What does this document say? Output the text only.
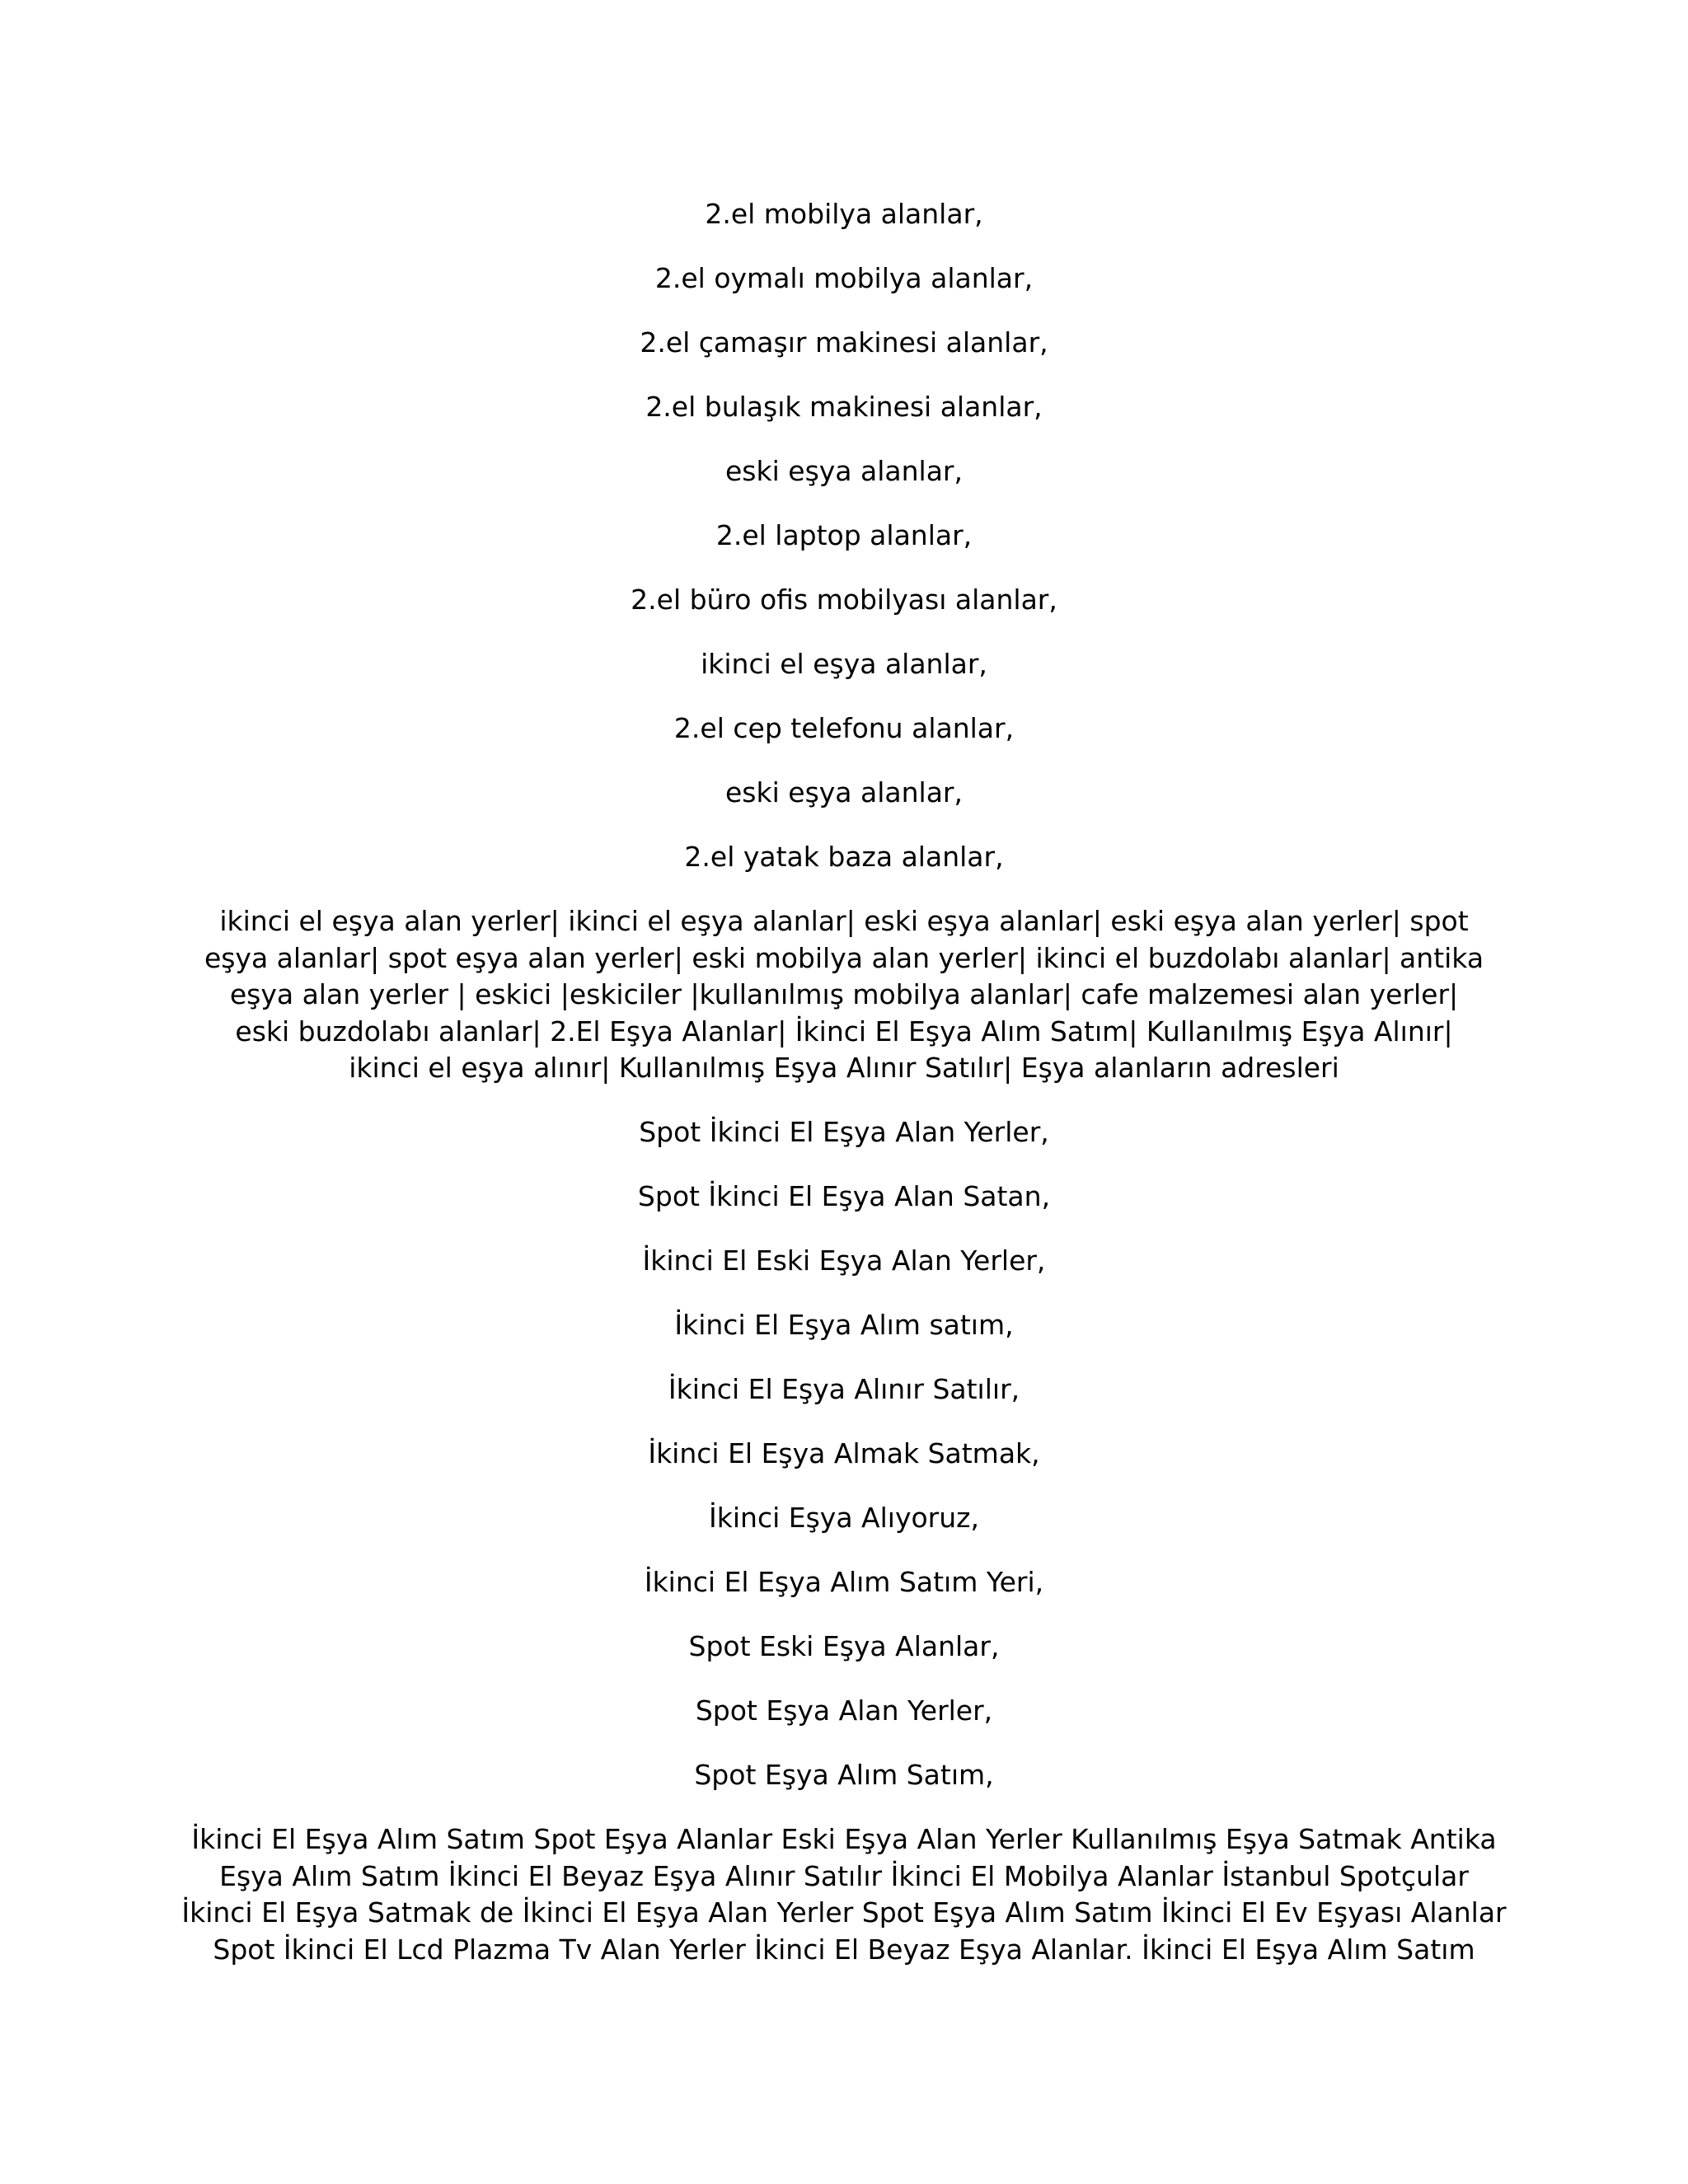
2.el mobilya alanlar,
2.el oymalı mobilya alanlar,
2.el çamaşır makinesi alanlar,
2.el bulaşık makinesi alanlar,
eski eşya alanlar,
2.el laptop alanlar,
2.el büro ofis mobilyası alanlar,
ikinci el eşya alanlar,
2.el cep telefonu alanlar,
eski eşya alanlar,
2.el yatak baza alanlar,
ikinci el eşya alan yerler| ikinci el eşya alanlar| eski eşya alanlar| eski eşya alan yerler| spot
eşya alanlar| spot eşya alan yerler| eski mobilya alan yerler| ikinci el buzdolabı alanlar| antika
eşya alan yerler | eskici |eskiciler |kullanılmış mobilya alanlar| cafe malzemesi alan yerler|
eski buzdolabı alanlar| 2.El Eşya Alanlar| İkinci El Eşya Alım Satım| Kullanılmış Eşya Alınır|
ikinci el eşya alınır| Kullanılmış Eşya Alınır Satılır| Eşya alanların adresleri
Spot İkinci El Eşya Alan Yerler,
Spot İkinci El Eşya Alan Satan,
İkinci El Eski Eşya Alan Yerler,
İkinci El Eşya Alım satım,
İkinci El Eşya Alınır Satılır,
İkinci El Eşya Almak Satmak,
İkinci Eşya Alıyoruz,
İkinci El Eşya Alım Satım Yeri,
Spot Eski Eşya Alanlar,
Spot Eşya Alan Yerler,
Spot Eşya Alım Satım,
İkinci El Eşya Alım Satım Spot Eşya Alanlar Eski Eşya Alan Yerler Kullanılmış Eşya Satmak Antika
Eşya Alım Satım İkinci El Beyaz Eşya Alınır Satılır İkinci El Mobilya Alanlar İstanbul Spotçular
İkinci El Eşya Satmak de İkinci El Eşya Alan Yerler Spot Eşya Alım Satım İkinci El Ev Eşyası Alanlar
Spot İkinci El Lcd Plazma Tv Alan Yerler İkinci El Beyaz Eşya Alanlar. İkinci El Eşya Alım Satım
